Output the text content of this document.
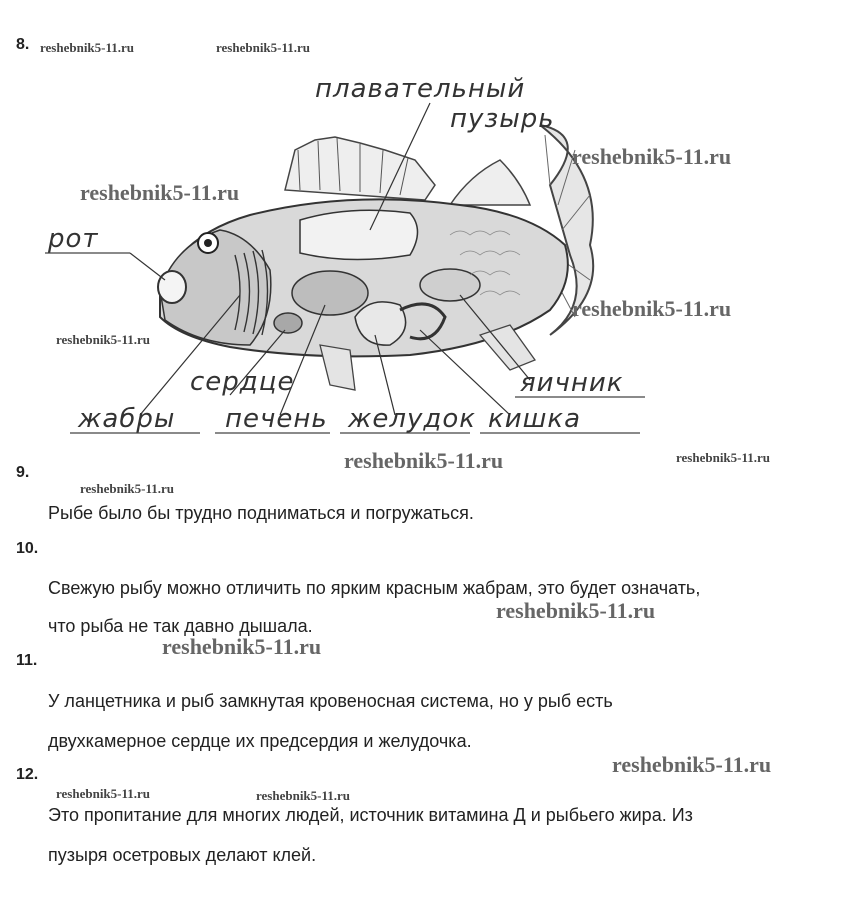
8. reshebnik5-11.ru	reshebnik5-11.ru
плавательный
пузырь
рот
сердце
жабры печень желудок кишка
яичник
reshebnik5-11.ru
reshebnik5-11.ru
reshebnik5-11.ru
reshebnik5-11.ru
reshebnik5-11.ru	reshebnik5-11.ru
9.
reshebnik5-11.ru
Рыбе было бы трудно подниматься и погружаться.
10.
Свежую рыбу можно отличить по ярким красным жабрам, это будет означать,
что рыба не так давно дышала.
reshebnik5-11.ru
reshebnik5-11.ru
11.
У ланцетника и рыб замкнутая кровеносная система, но у рыб есть
двухкамерное сердце их предсердия и желудочка.
reshebnik5-11.ru
12.
reshebnik5-11.ru	reshebnik5-11.ru
Это пропитание для многих людей, источник витамина Д и рыбьего жира. Из
пузыря осетровых делают клей.
